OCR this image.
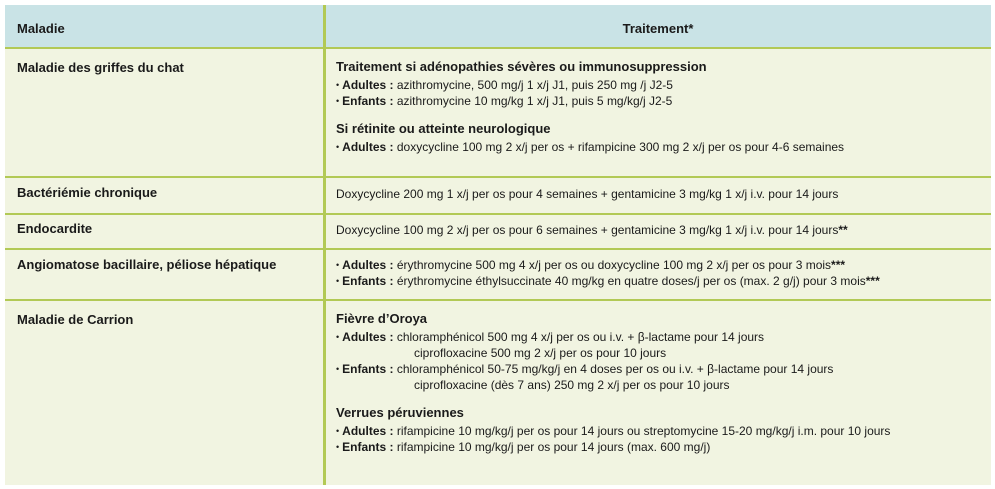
Maladie	Traitement*
Maladie des griffes du chat	Traitement si adénopathies sévères ou immunosuppression
• Adultes : azithromycine, 500 mg/j 1 x/j J1, puis 250 mg /j J2-5
• Enfants : azithromycine 10 mg/kg 1 x/j J1, puis 5 mg/kg/j J2-5
Si rétinite ou atteinte neurologique
• Adultes : doxycycline 100 mg 2 x/j per os + rifampicine 300 mg 2 x/j per os pour 4-6 semaines
Bactériémie chronique	Doxycycline 200 mg 1 x/j per os pour 4 semaines + gentamicine 3 mg/kg 1 x/j i.v. pour 14 jours
Endocardite	Doxycycline 100 mg 2 x/j per os pour 6 semaines + gentamicine 3 mg/kg 1 x/j i.v. pour 14 jours**
Angiomatose bacillaire, péliose hépatique	• Adultes : érythromycine 500 mg 4 x/j per os ou doxycycline 100 mg 2 x/j per os pour 3 mois***
• Enfants : érythromycine éthylsuccinate 40 mg/kg en quatre doses/j per os (max. 2 g/j) pour 3 mois***
Maladie de Carrion	Fièvre d’Oroya
• Adultes : chloramphénicol 500 mg 4 x/j per os ou i.v. + β-lactame pour 14 jours
ciprofloxacine 500 mg 2 x/j per os pour 10 jours
• Enfants : chloramphénicol 50-75 mg/kg/j en 4 doses per os ou i.v. + β-lactame pour 14 jours
ciprofloxacine (dès 7 ans) 250 mg 2 x/j per os pour 10 jours
Verrues péruviennes
• Adultes : rifampicine 10 mg/kg/j per os pour 14 jours ou streptomycine 15-20 mg/kg/j i.m. pour 10 jours
• Enfants : rifampicine 10 mg/kg/j per os pour 14 jours (max. 600 mg/j)
